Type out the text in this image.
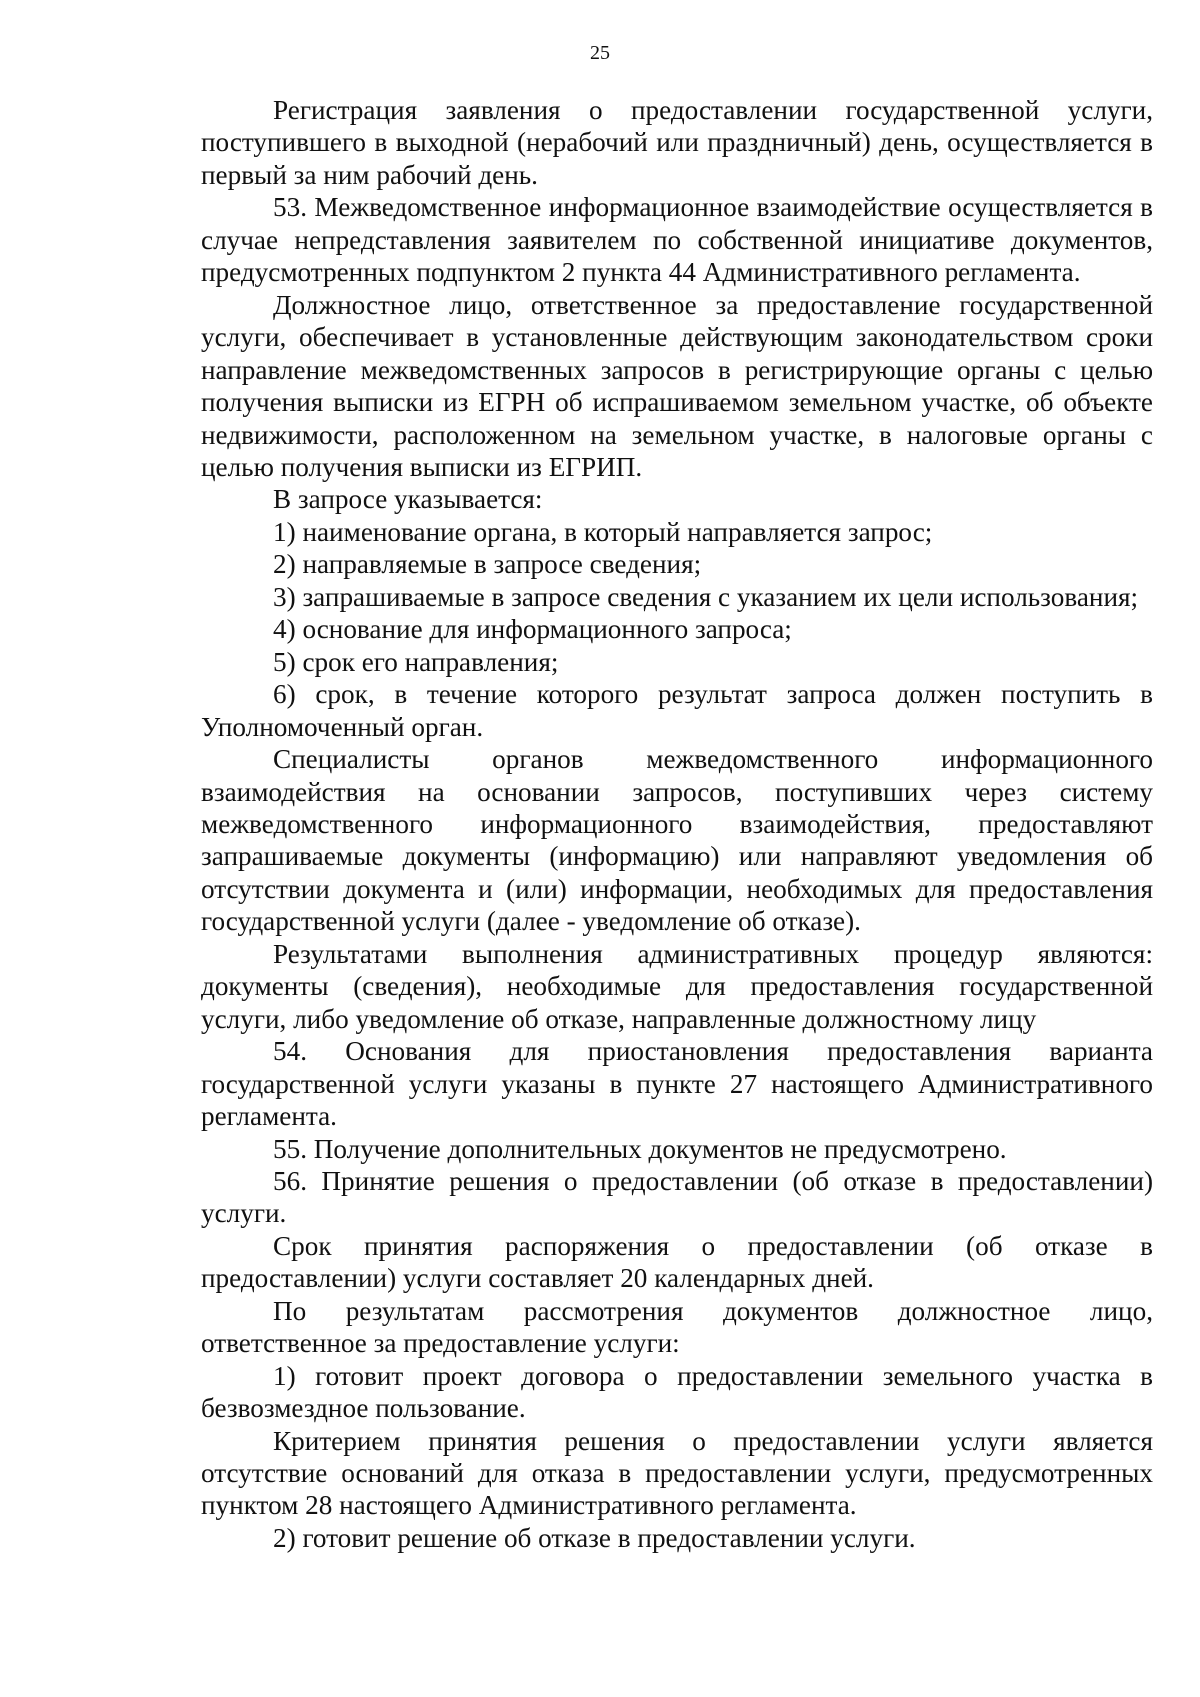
25

Регистрация заявления о предоставлении государственной услуги, поступившего в выходной (нерабочий или праздничный) день, осуществляется в первый за ним рабочий день.

53. Межведомственное информационное взаимодействие осуществляется в случае непредставления заявителем по собственной инициативе документов, предусмотренных подпунктом 2 пункта 44 Административного регламента.

Должностное лицо, ответственное за предоставление государственной услуги, обеспечивает в установленные действующим законодательством сроки направление межведомственных запросов в регистрирующие органы с целью получения выписки из ЕГРН об испрашиваемом земельном участке, об объекте недвижимости, расположенном на земельном участке, в налоговые органы с целью получения выписки из ЕГРИП.

В запросе указывается:

1) наименование органа, в который направляется запрос;

2) направляемые в запросе сведения;

3) запрашиваемые в запросе сведения с указанием их цели использования;

4) основание для информационного запроса;

5) срок его направления;

6) срок, в течение которого результат запроса должен поступить в Уполномоченный орган.

Специалисты органов межведомственного информационного взаимодействия на основании запросов, поступивших через систему межведомственного информационного взаимодействия, предоставляют запрашиваемые документы (информацию) или направляют уведомления об отсутствии документа и (или) информации, необходимых для предоставления государственной услуги (далее - уведомление об отказе).

Результатами выполнения административных процедур являются: документы (сведения), необходимые для предоставления государственной услуги, либо уведомление об отказе, направленные должностному лицу

54. Основания для приостановления предоставления варианта государственной услуги указаны в пункте 27 настоящего Административного регламента.

55. Получение дополнительных документов не предусмотрено.

56. Принятие решения о предоставлении (об отказе в предоставлении) услуги.

Срок принятия распоряжения о предоставлении (об отказе в предоставлении) услуги составляет 20 календарных дней.

По результатам рассмотрения документов должностное лицо, ответственное за предоставление услуги:

1) готовит проект договора о предоставлении земельного участка в безвозмездное пользование.

Критерием принятия решения о предоставлении услуги является отсутствие оснований для отказа в предоставлении услуги, предусмотренных пунктом 28 настоящего Административного регламента.

2) готовит решение об отказе в предоставлении услуги.
